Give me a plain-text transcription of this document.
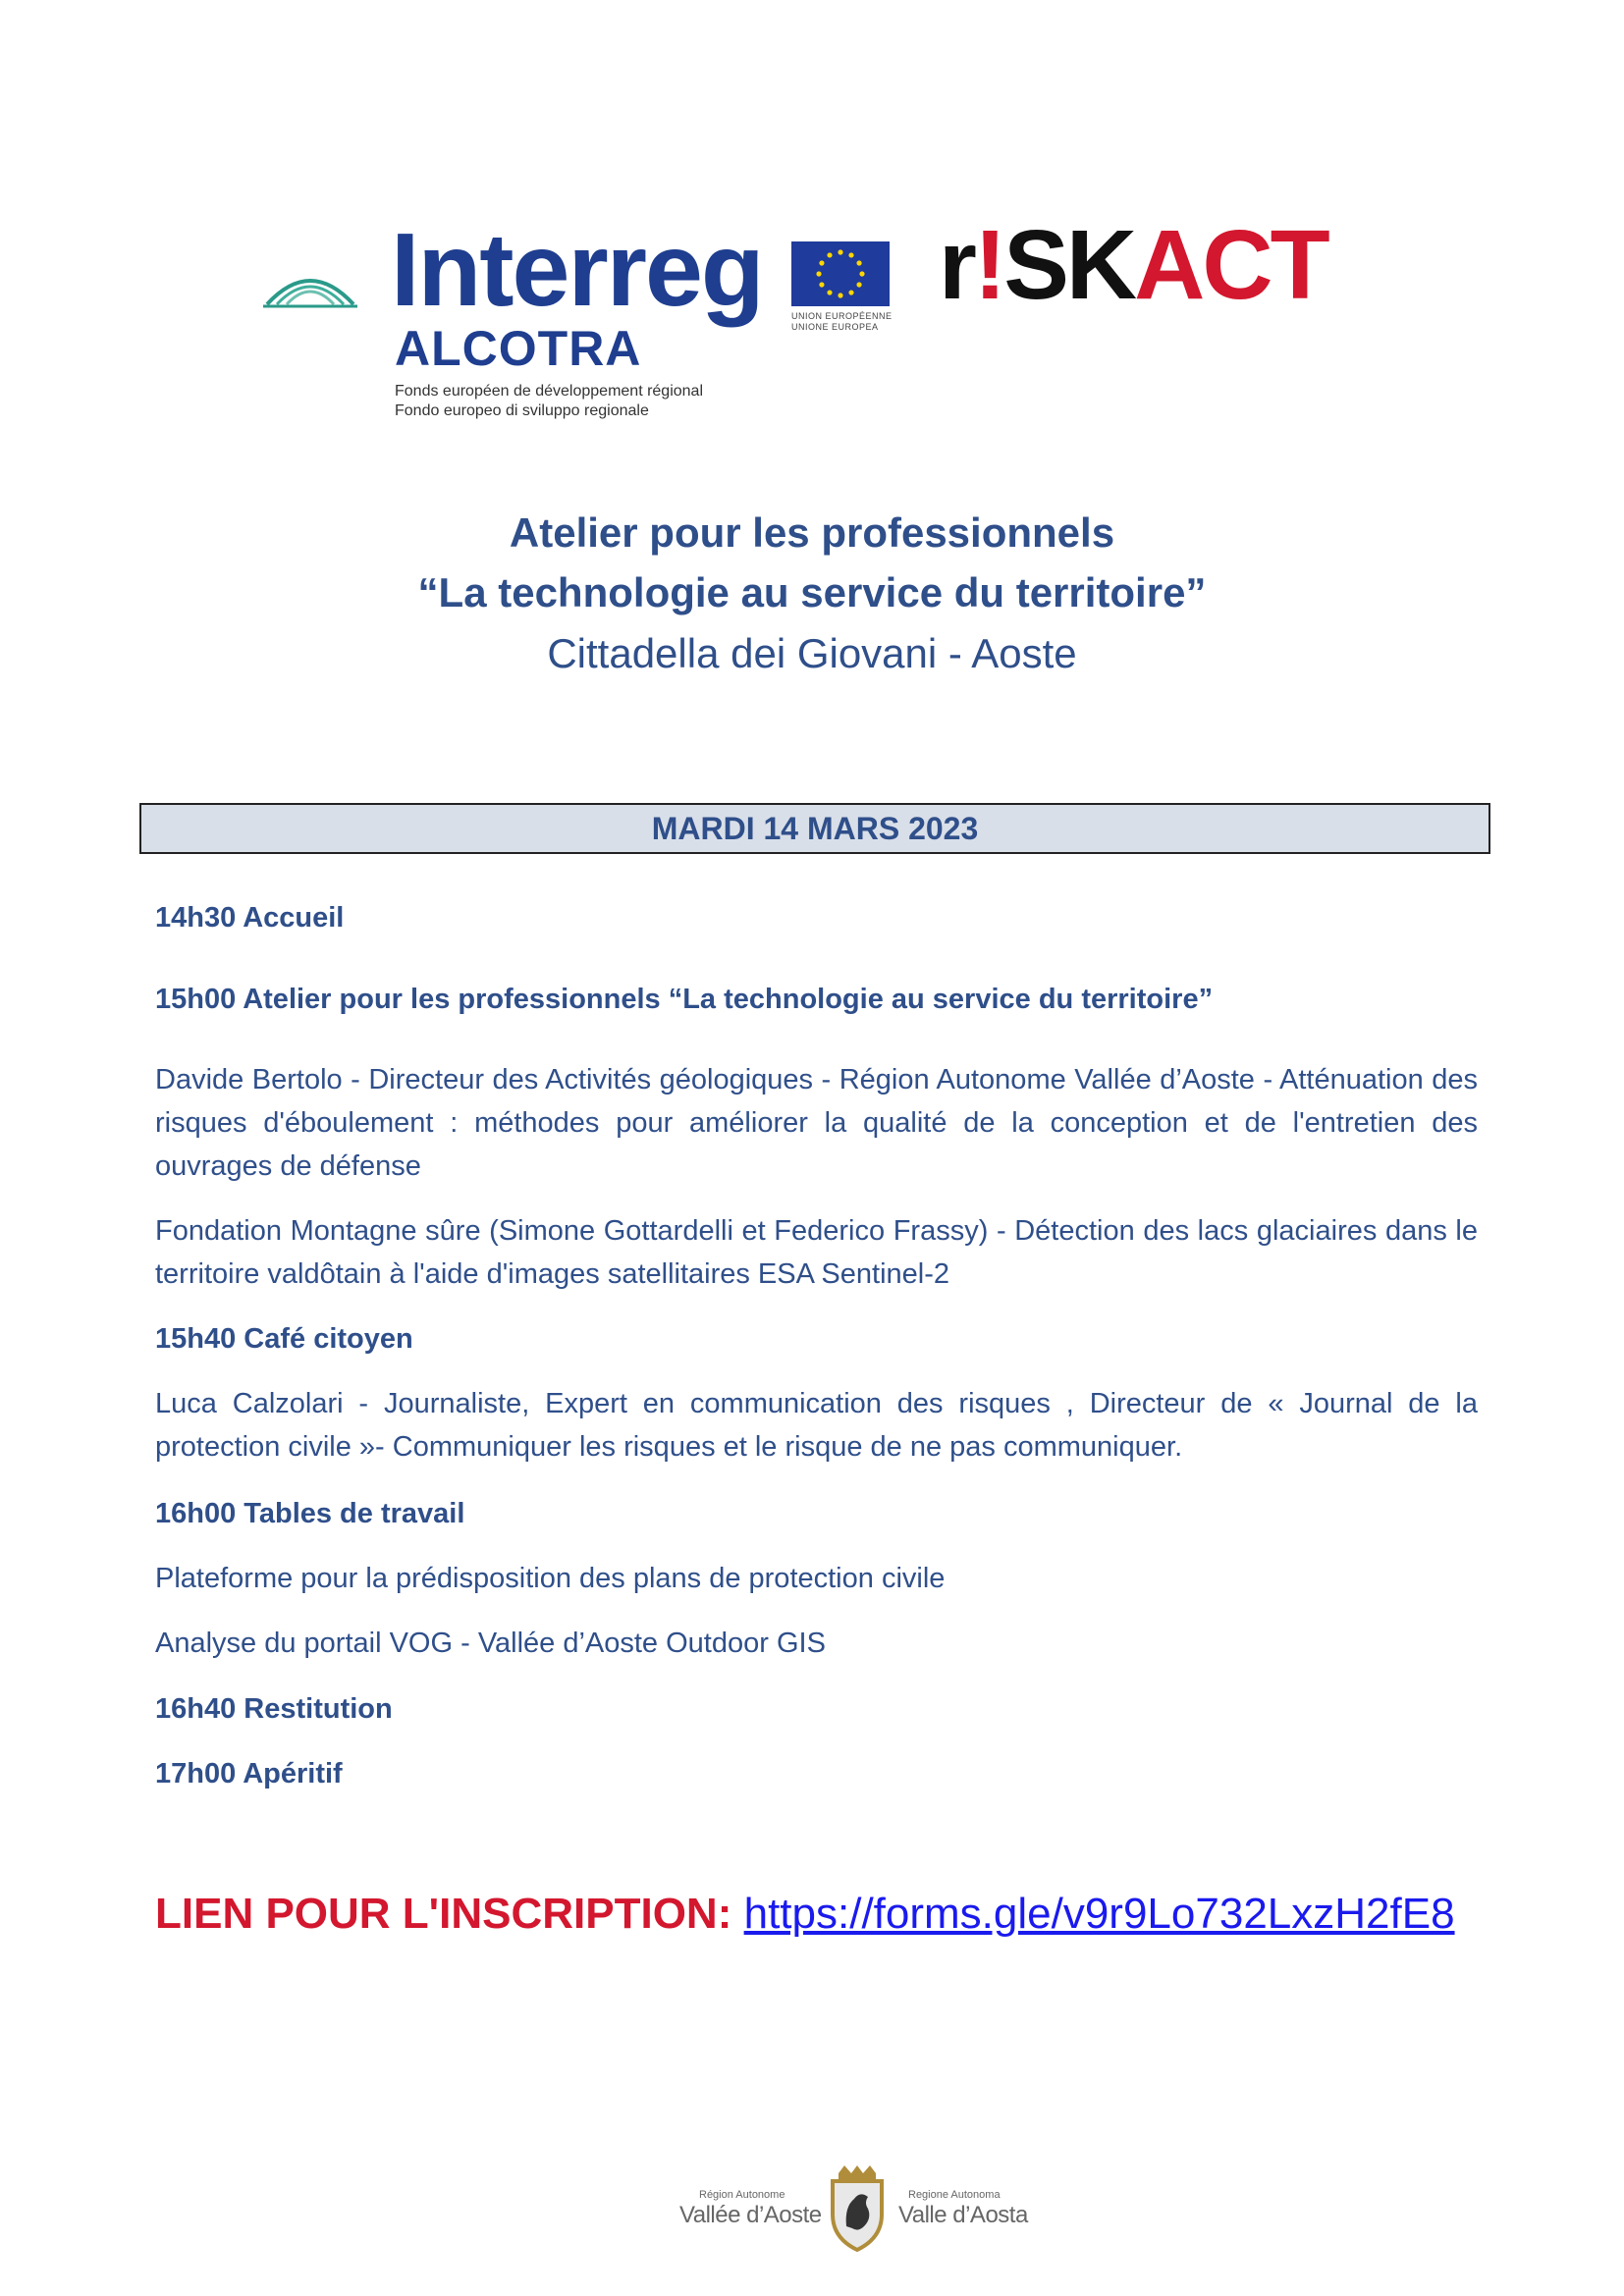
Interreg
ALCOTRA
Fonds européen de développement régional
Fondo europeo di sviluppo regionale
UNION EUROPÉENNE
UNIONE EUROPEA
r!SKACT
Atelier pour les professionnels
“La technologie au service du territoire”
Cittadella dei Giovani - Aoste
MARDI 14 MARS 2023
14h30 Accueil
15h00 Atelier pour les professionnels “La technologie au service du territoire”
Davide Bertolo - Directeur des Activités géologiques - Région Autonome Vallée d’Aoste - Atténuation des risques d'éboulement : méthodes pour améliorer la qualité de la conception et de l'entretien des ouvrages de défense
Fondation Montagne sûre (Simone Gottardelli et Federico Frassy) - Détection des lacs glaciaires dans le territoire valdôtain à l'aide d'images satellitaires ESA Sentinel-2
15h40 Café citoyen
Luca Calzolari - Journaliste, Expert en communication des risques , Directeur de « Journal de la protection civile »- Communiquer les risques et le risque de ne pas communiquer.
16h00 Tables de travail
Plateforme pour la prédisposition des plans de protection civile
Analyse du portail VOG - Vallée d’Aoste Outdoor GIS
16h40 Restitution
17h00 Apéritif
LIEN POUR L'INSCRIPTION: https://forms.gle/v9r9Lo732LxzH2fE8
Région Autonome
Vallée d’Aoste
Regione Autonoma
Valle d’Aosta
